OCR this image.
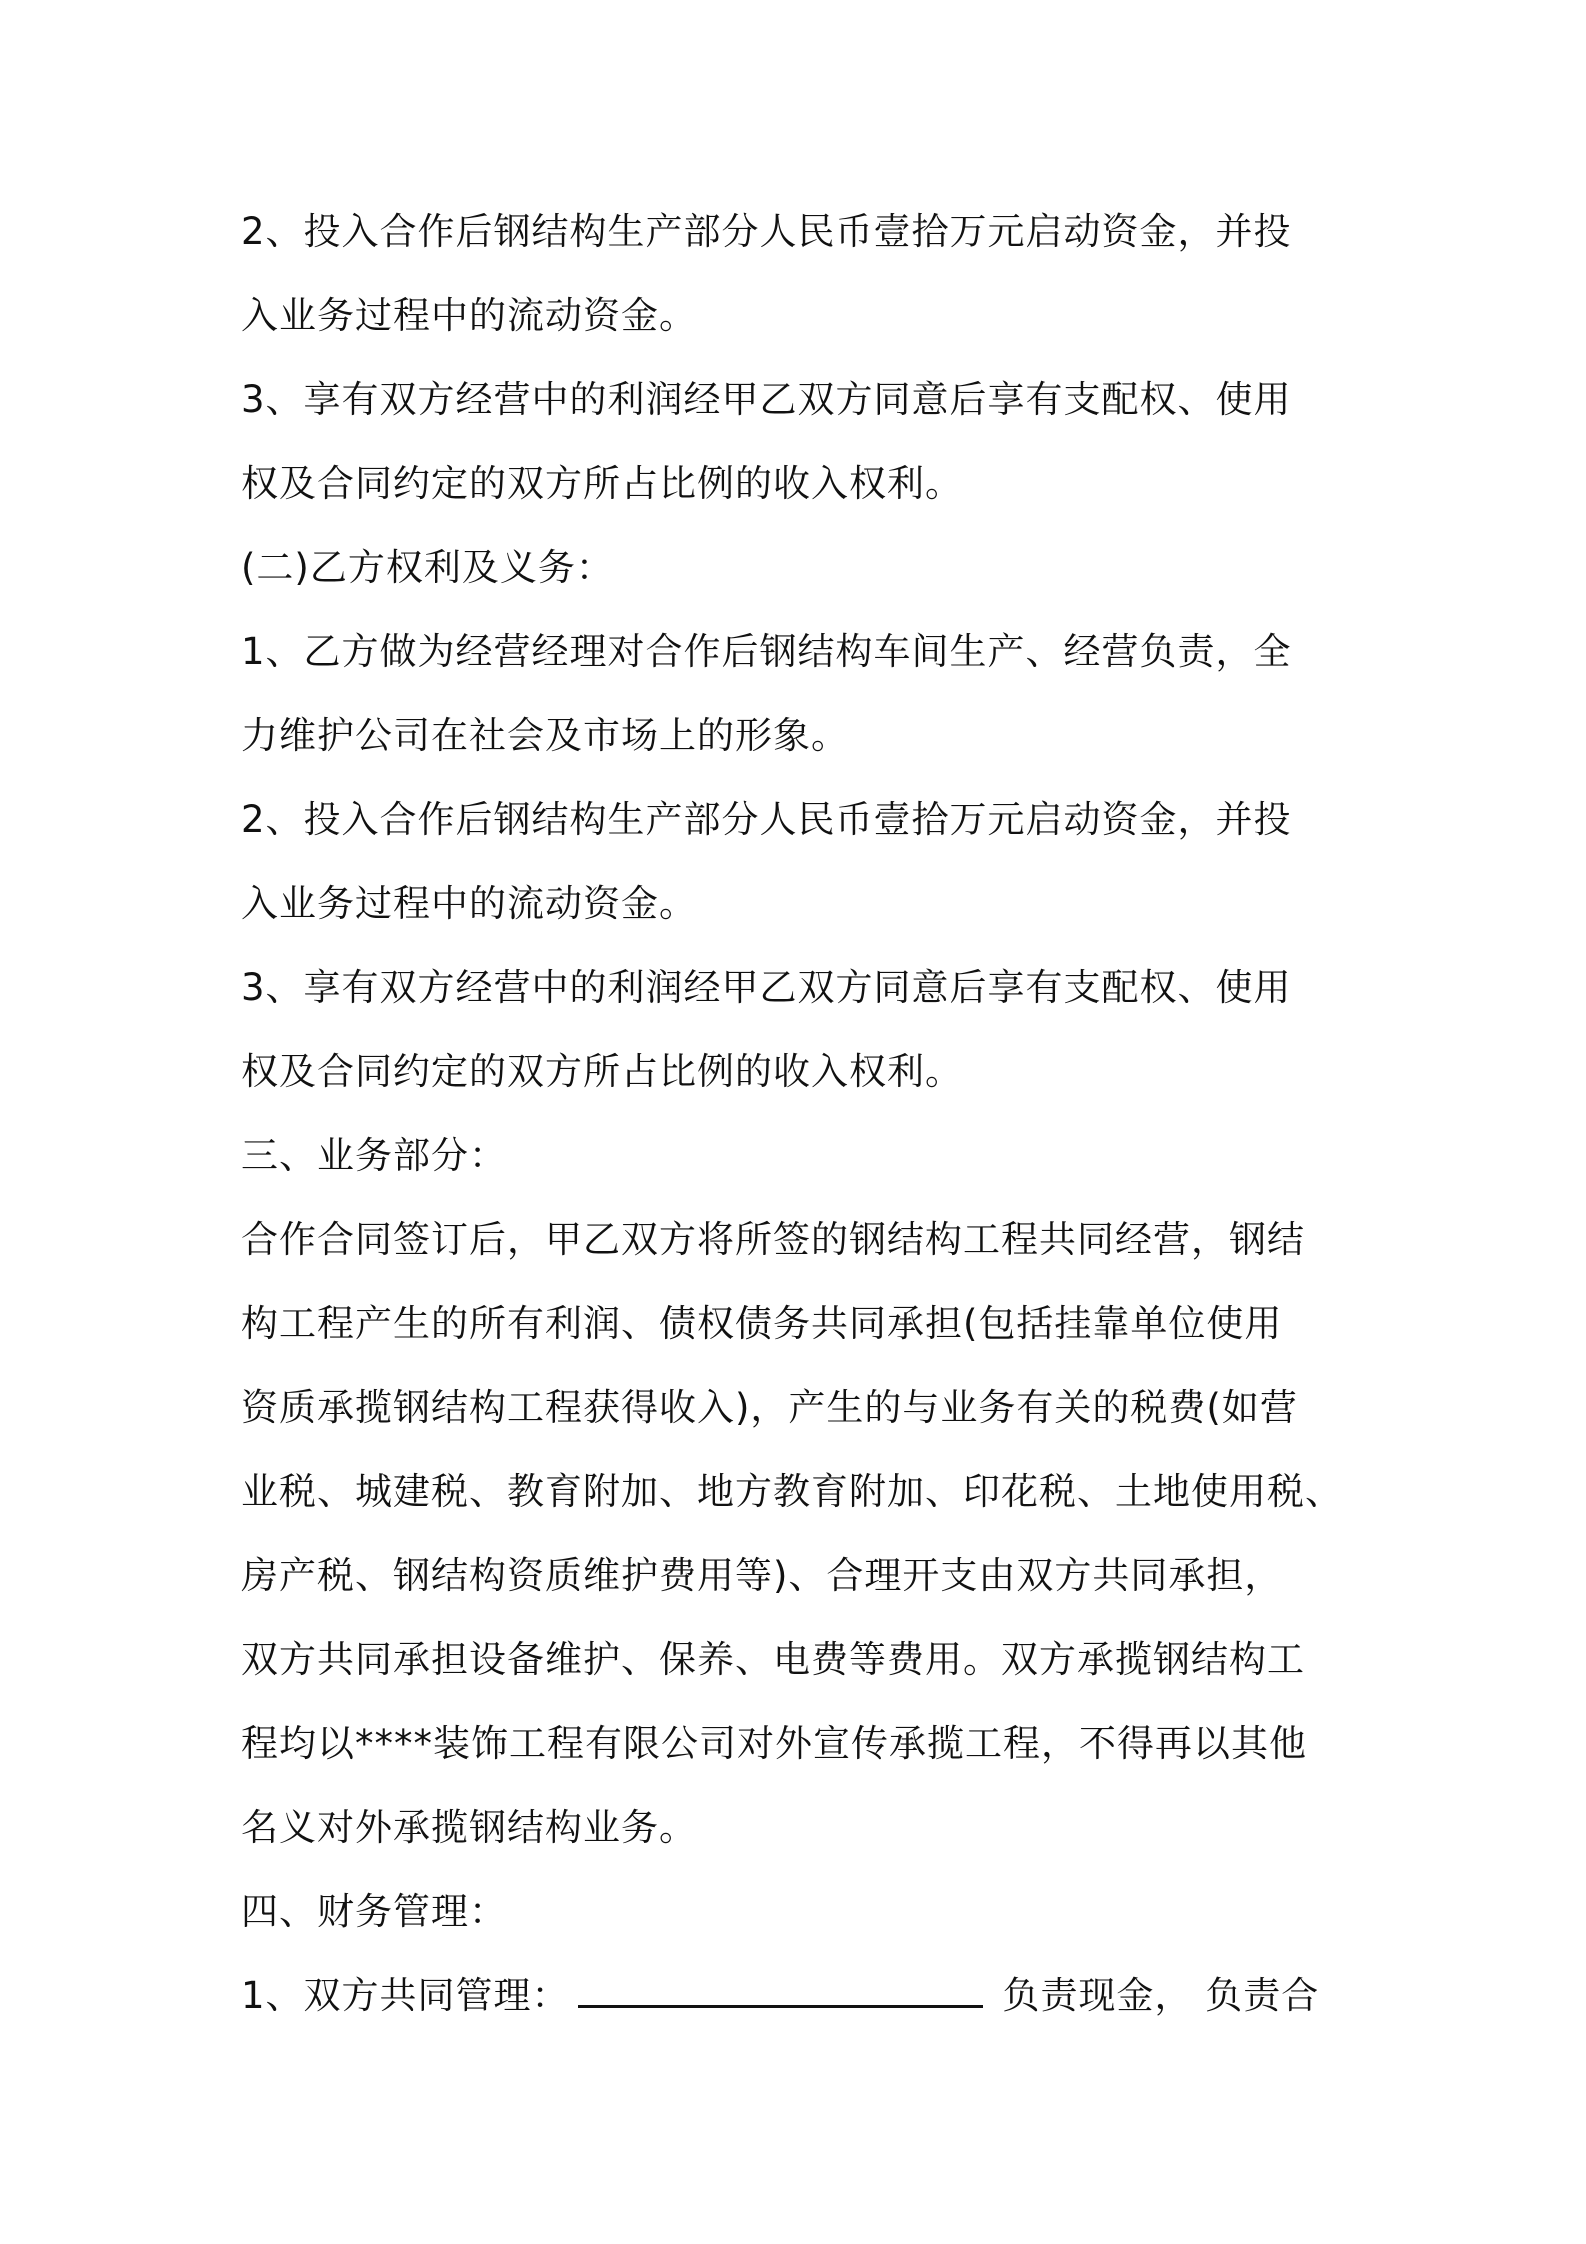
2、投入合作后钢结构生产部分人民币壹拾万元启动资金，并投
入业务过程中的流动资金。
3、享有双方经营中的利润经甲乙双方同意后享有支配权、使用
权及合同约定的双方所占比例的收入权利。
(二)乙方权利及义务：
1、乙方做为经营经理对合作后钢结构车间生产、经营负责，全
力维护公司在社会及市场上的形象。
2、投入合作后钢结构生产部分人民币壹拾万元启动资金，并投
入业务过程中的流动资金。
3、享有双方经营中的利润经甲乙双方同意后享有支配权、使用
权及合同约定的双方所占比例的收入权利。
三、业务部分：
合作合同签订后，甲乙双方将所签的钢结构工程共同经营，钢结
构工程产生的所有利润、债权债务共同承担(包括挂靠单位使用
资质承揽钢结构工程获得收入)，产生的与业务有关的税费(如营
业税、城建税、教育附加、地方教育附加、印花税、土地使用税、
房产税、钢结构资质维护费用等)、合理开支由双方共同承担，
双方共同承担设备维护、保养、电费等费用。双方承揽钢结构工
程均以****装饰工程有限公司对外宣传承揽工程，不得再以其他
名义对外承揽钢结构业务。
四、财务管理：
1、双方共同管理：	负责现金， 负责合
